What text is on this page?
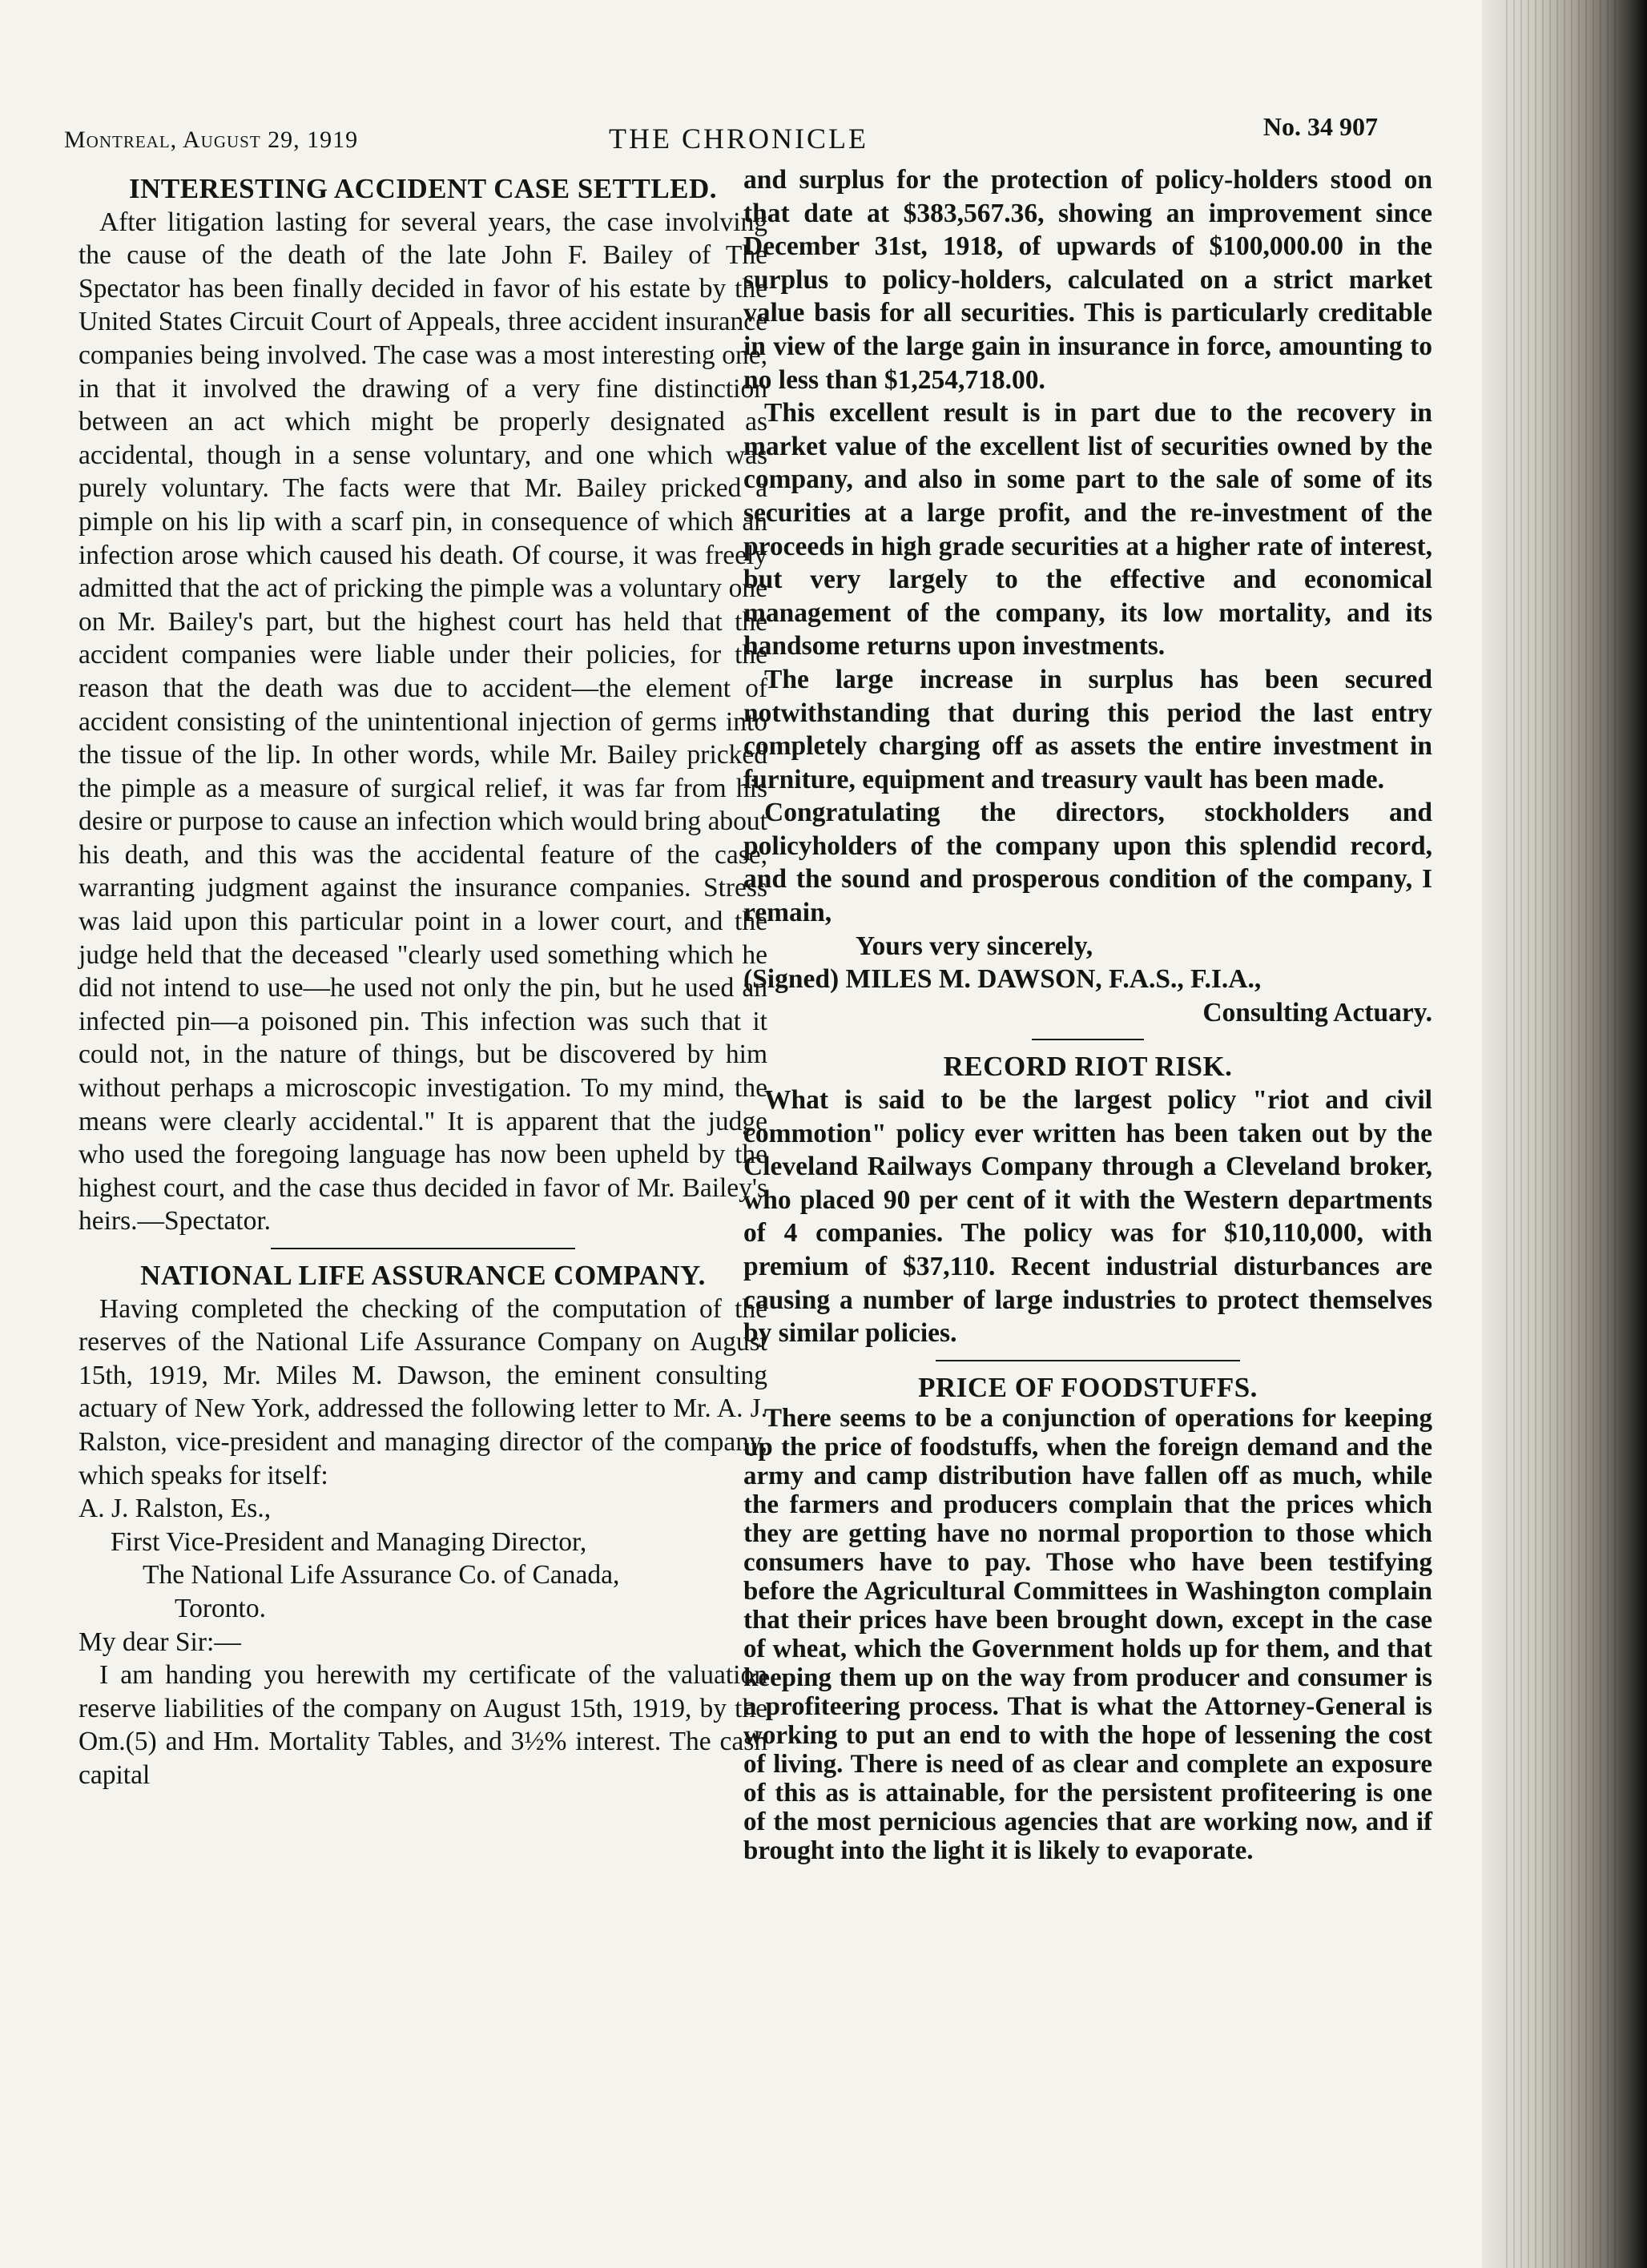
Montreal, August 29, 1919	THE CHRONICLE	No. 34 907
INTERESTING ACCIDENT CASE SETTLED.

After litigation lasting for several years, the case involving the cause of the death of the late John F. Bailey of The Spectator has been finally decided in favor of his estate by the United States Circuit Court of Appeals, three accident insurance companies being involved. The case was a most interesting one, in that it involved the drawing of a very fine distinction between an act which might be properly designated as accidental, though in a sense voluntary, and one which was purely voluntary. The facts were that Mr. Bailey pricked a pimple on his lip with a scarf pin, in consequence of which an infection arose which caused his death. Of course, it was freely admitted that the act of pricking the pimple was a voluntary one on Mr. Bailey's part, but the highest court has held that the accident companies were liable under their policies, for the reason that the death was due to accident—the element of accident consisting of the unintentional injection of germs into the tissue of the lip. In other words, while Mr. Bailey pricked the pimple as a measure of surgical relief, it was far from his desire or purpose to cause an infection which would bring about his death, and this was the accidental feature of the case, warranting judgment against the insurance companies. Stress was laid upon this particular point in a lower court, and the judge held that the deceased "clearly used something which he did not intend to use—he used not only the pin, but he used an infected pin—a poisoned pin. This infection was such that it could not, in the nature of things, but be discovered by him without perhaps a microscopic investigation. To my mind, the means were clearly accidental." It is apparent that the judge who used the foregoing language has now been upheld by the highest court, and the case thus decided in favor of Mr. Bailey's heirs.—Spectator.

NATIONAL LIFE ASSURANCE COMPANY.

Having completed the checking of the computation of the reserves of the National Life Assurance Company on August 15th, 1919, Mr. Miles M. Dawson, the eminent consulting actuary of New York, addressed the following letter to Mr. A. J. Ralston, vice-president and managing director of the company, which speaks for itself:

A. J. Ralston, Es.,
First Vice-President and Managing Director,
The National Life Assurance Co. of Canada,
Toronto.
My dear Sir:—

I am handing you herewith my certificate of the valuation reserve liabilities of the company on August 15th, 1919, by the Om.(5) and Hm. Mortality Tables, and 3½% interest. The cash capital

and surplus for the protection of policy-holders stood on that date at $383,567.36, showing an improvement since December 31st, 1918, of upwards of $100,000.00 in the surplus to policy-holders, calculated on a strict market value basis for all securities. This is particularly creditable in view of the large gain in insurance in force, amounting to no less than $1,254,718.00.

This excellent result is in part due to the recovery in market value of the excellent list of securities owned by the company, and also in some part to the sale of some of its securities at a large profit, and the re-investment of the proceeds in high grade securities at a higher rate of interest, but very largely to the effective and economical management of the company, its low mortality, and its handsome returns upon investments.

The large increase in surplus has been secured notwithstanding that during this period the last entry completely charging off as assets the entire investment in furniture, equipment and treasury vault has been made.

Congratulating the directors, stockholders and policyholders of the company upon this splendid record, and the sound and prosperous condition of the company, I remain,

Yours very sincerely,
(Signed) MILES M. DAWSON, F.A.S., F.I.A.,
Consulting Actuary.
RECORD RIOT RISK.

What is said to be the largest policy "riot and civil commotion" policy ever written has been taken out by the Cleveland Railways Company through a Cleveland broker, who placed 90 per cent of it with the Western departments of 4 companies. The policy was for $10,110,000, with premium of $37,110. Recent industrial disturbances are causing a number of large industries to protect themselves by similar policies.

PRICE OF FOODSTUFFS.

There seems to be a conjunction of operations for keeping up the price of foodstuffs, when the foreign demand and the army and camp distribution have fallen off as much, while the farmers and producers complain that the prices which they are getting have no normal proportion to those which consumers have to pay. Those who have been testifying before the Agricultural Committees in Washington complain that their prices have been brought down, except in the case of wheat, which the Government holds up for them, and that keeping them up on the way from producer and consumer is a profiteering process. That is what the Attorney-General is working to put an end to with the hope of lessening the cost of living. There is need of as clear and complete an exposure of this as is attainable, for the persistent profiteering is one of the most pernicious agencies that are working now, and if brought into the light it is likely to evaporate.
